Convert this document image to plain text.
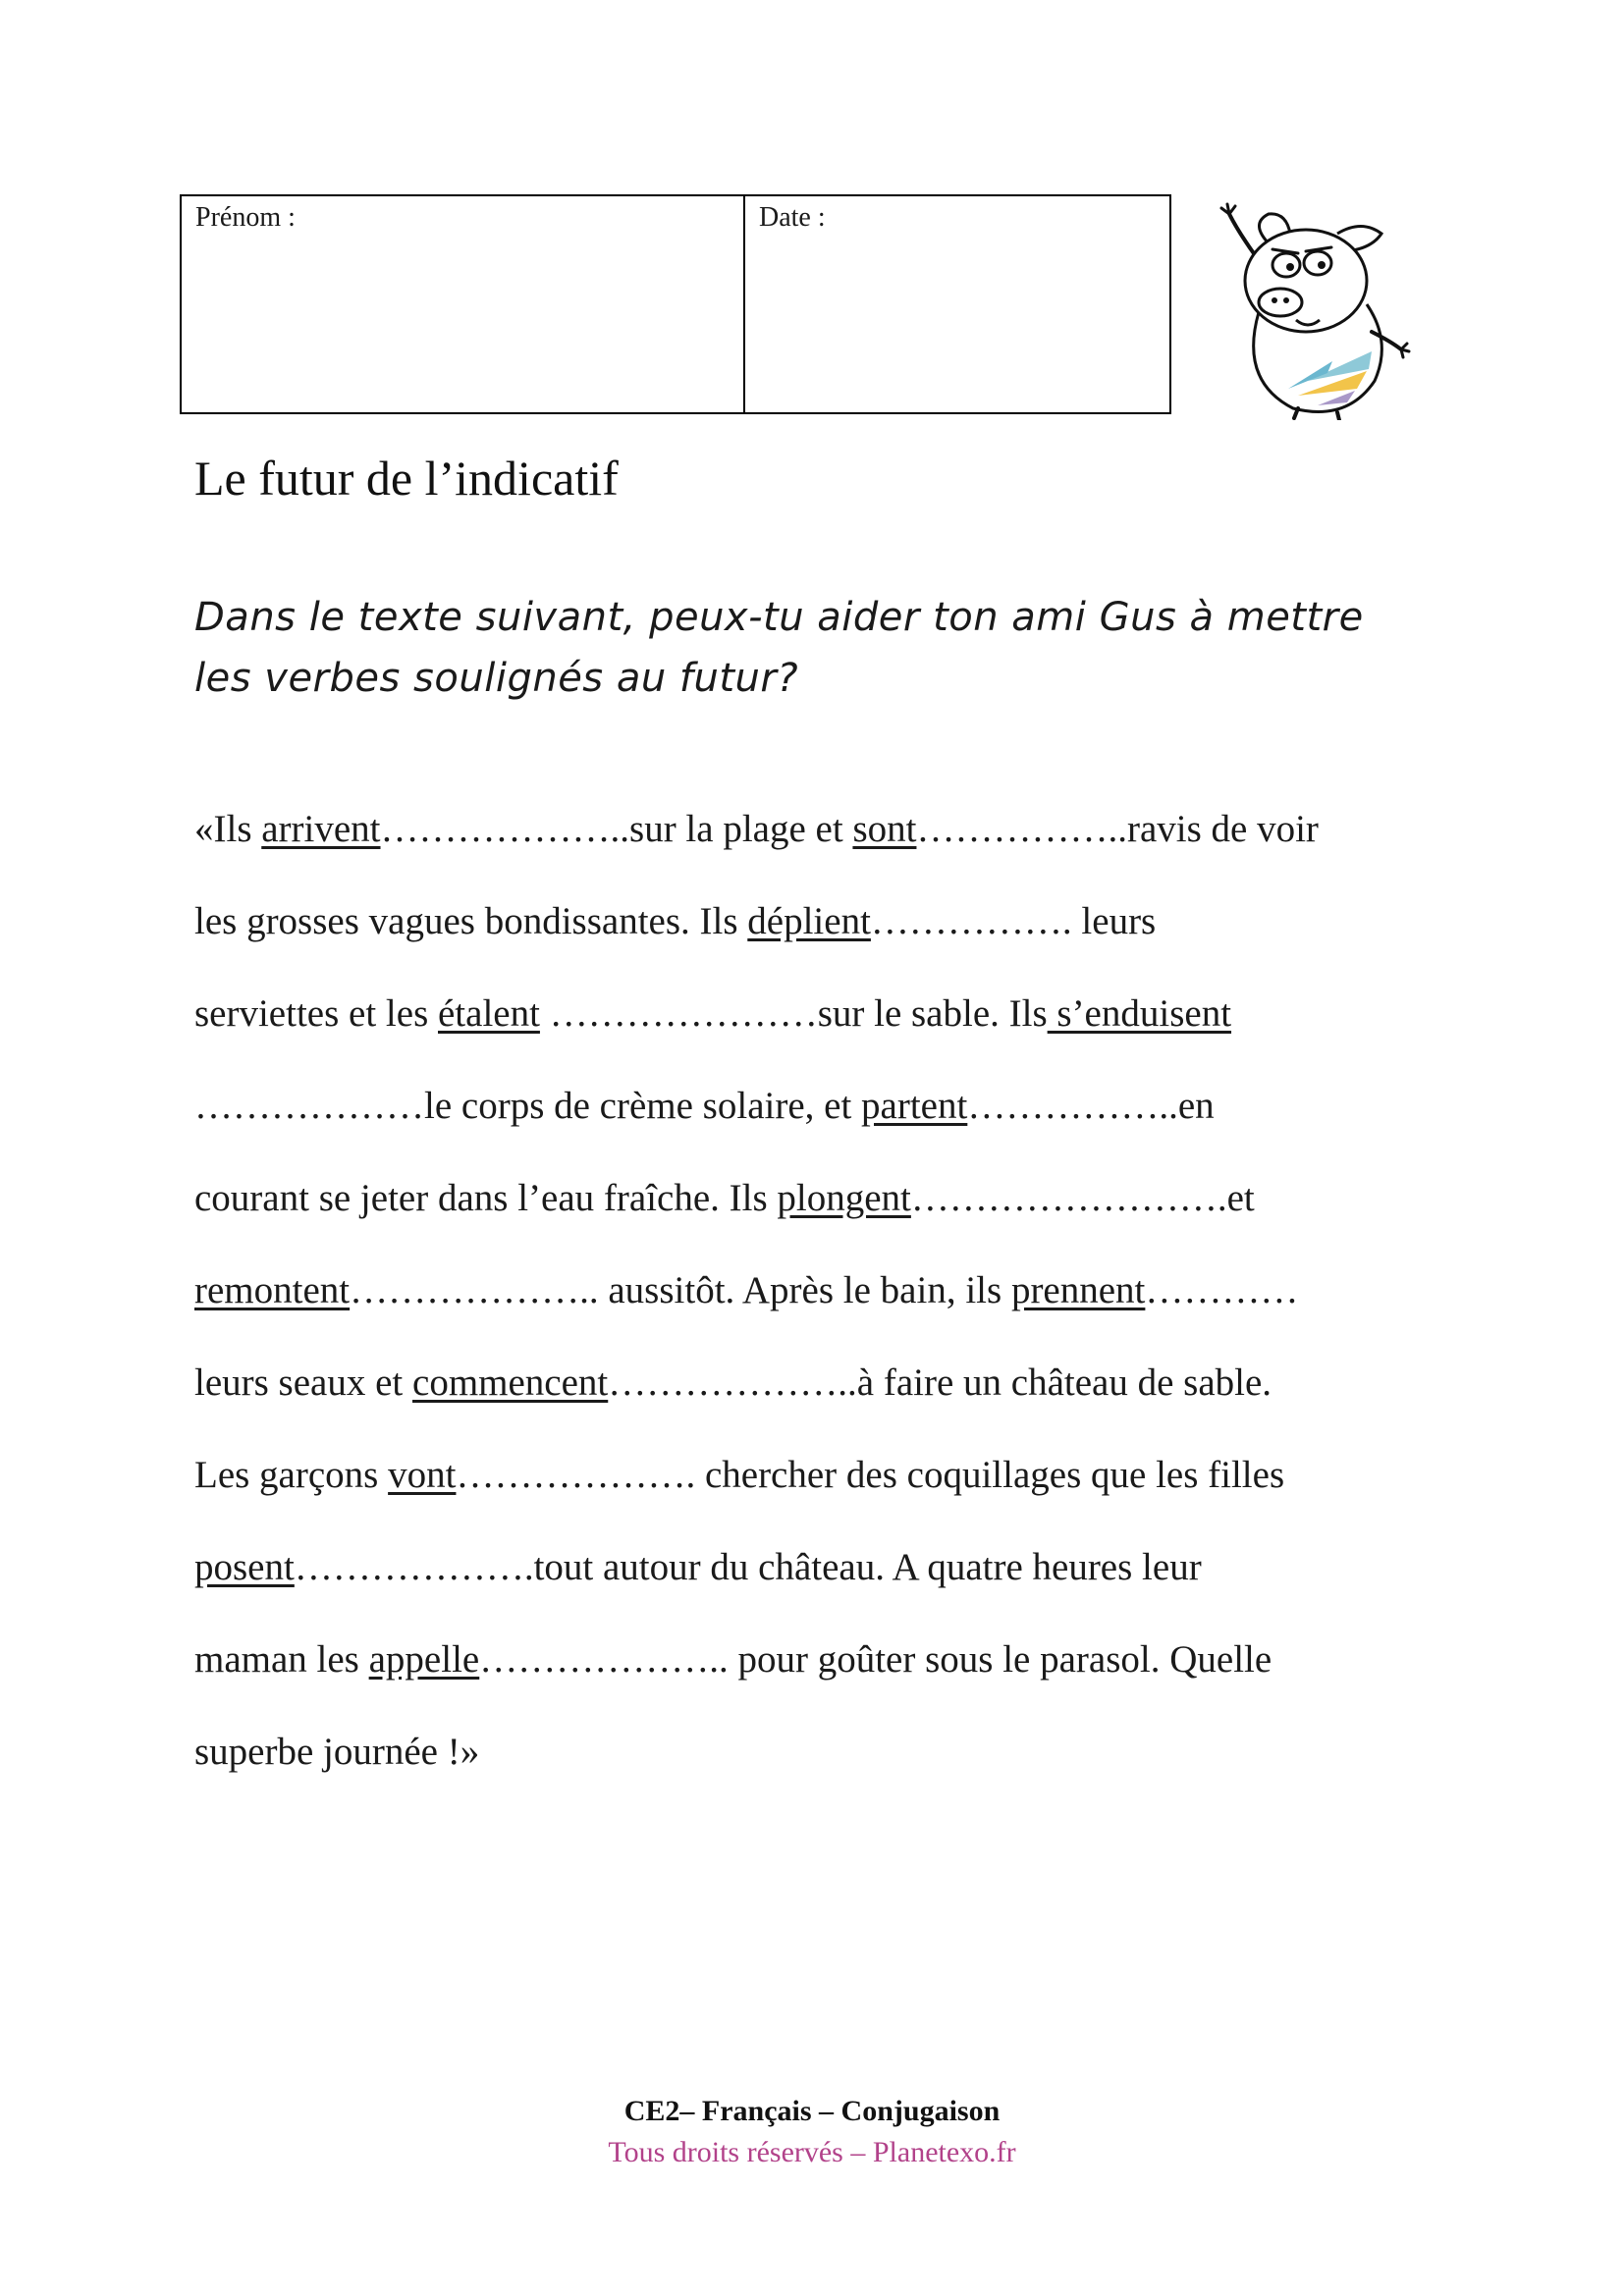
Prénom :	Date :
Le futur de l’indicatif

Dans le texte suivant, peux-tu aider ton ami Gus à mettre
les verbes soulignés au futur?

«Ils arrivent………………..sur la plage et sont……………..ravis de voir
les grosses vagues bondissantes. Ils déplient……………. leurs
serviettes et les étalent …………………sur le sable. Ils s’enduisent
………………le corps de crème solaire, et partent……………..en
courant se jeter dans l’eau fraîche. Ils plongent…………………….et
remontent……………….. aussitôt. Après le bain, ils prennent…………
leurs seaux et commencent………………..à faire un château de sable.
Les garçons vont………………. chercher des coquillages que les filles
posent……………….tout autour du château. A quatre heures leur
maman les appelle……………….. pour goûter sous le parasol. Quelle
superbe journée !»
CE2– Français – Conjugaison
Tous droits réservés – Planetexo.fr
